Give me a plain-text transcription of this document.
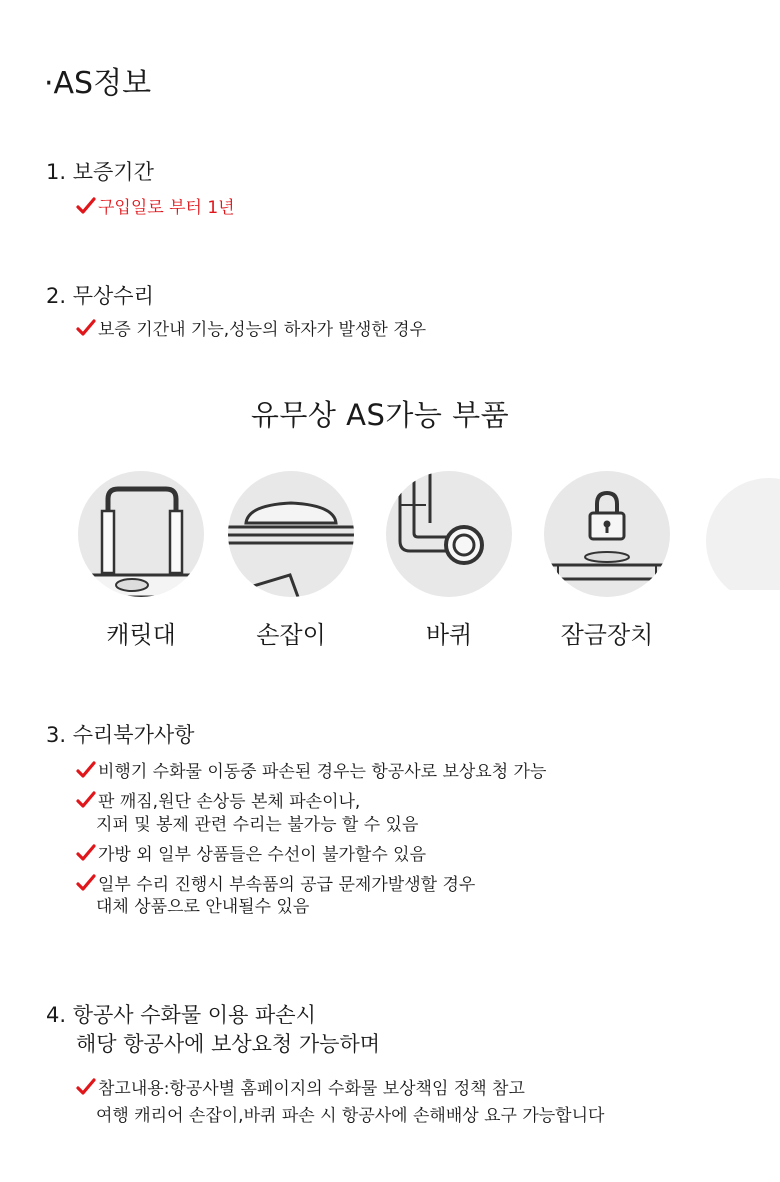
·AS정보
1. 보증기간
구입일로 부터 1년
2. 무상수리
보증 기간내 기능,성능의 하자가 발생한 경우
유무상 AS가능 부품
캐릿대	손잡이	바퀴	잠금장치
3. 수리북가사항
비행기 수화물 이동중 파손된 경우는 항공사로 보상요청 가능
판 깨짐,원단 손상등 본체 파손이나,
지퍼 및 봉제 관련 수리는 불가능 할 수 있음
가방 외 일부 상품들은 수선이 불가할수 있음
일부 수리 진행시 부속품의 공급 문제가발생할 경우
대체 상품으로 안내될수 있음
4. 항공사 수화물 이용 파손시
해당 항공사에 보상요청 가능하며
참고내용:항공사별 홈페이지의 수화물 보상책임 정책 참고
여행 캐리어 손잡이,바퀴 파손 시 항공사에 손해배상 요구 가능합니다
